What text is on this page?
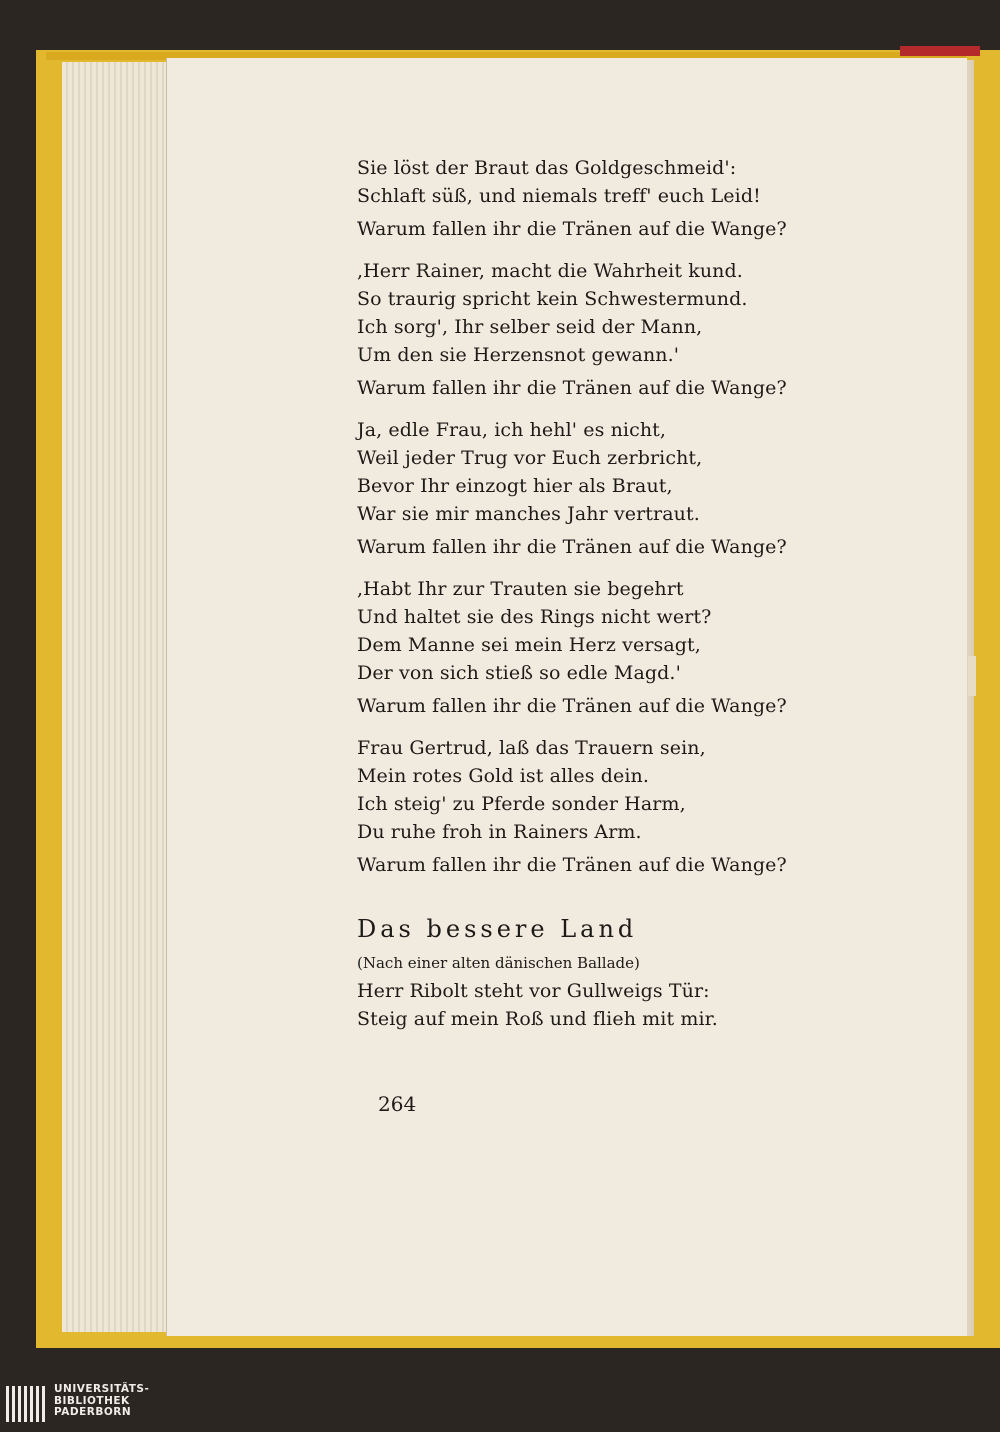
Sie löst der Braut das Goldgeschmeid':
Schlaft süß, und niemals treff' euch Leid!
Warum fallen ihr die Tränen auf die Wange?
,Herr Rainer, macht die Wahrheit kund.
So traurig spricht kein Schwestermund.
Ich sorg', Ihr selber seid der Mann,
Um den sie Herzensnot gewann.'
Warum fallen ihr die Tränen auf die Wange?
Ja, edle Frau, ich hehl' es nicht,
Weil jeder Trug vor Euch zerbricht,
Bevor Ihr einzogt hier als Braut,
War sie mir manches Jahr vertraut.
Warum fallen ihr die Tränen auf die Wange?
,Habt Ihr zur Trauten sie begehrt
Und haltet sie des Rings nicht wert?
Dem Manne sei mein Herz versagt,
Der von sich stieß so edle Magd.'
Warum fallen ihr die Tränen auf die Wange?
Frau Gertrud, laß das Trauern sein,
Mein rotes Gold ist alles dein.
Ich steig' zu Pferde sonder Harm,
Du ruhe froh in Rainers Arm.
Warum fallen ihr die Tränen auf die Wange?
Das bessere Land
(Nach einer alten dänischen Ballade)
Herr Ribolt steht vor Gullweigs Tür:
Steig auf mein Roß und flieh mit mir.
264
UNIVERSITÄTS-
BIBLIOTHEK
PADERBORN
